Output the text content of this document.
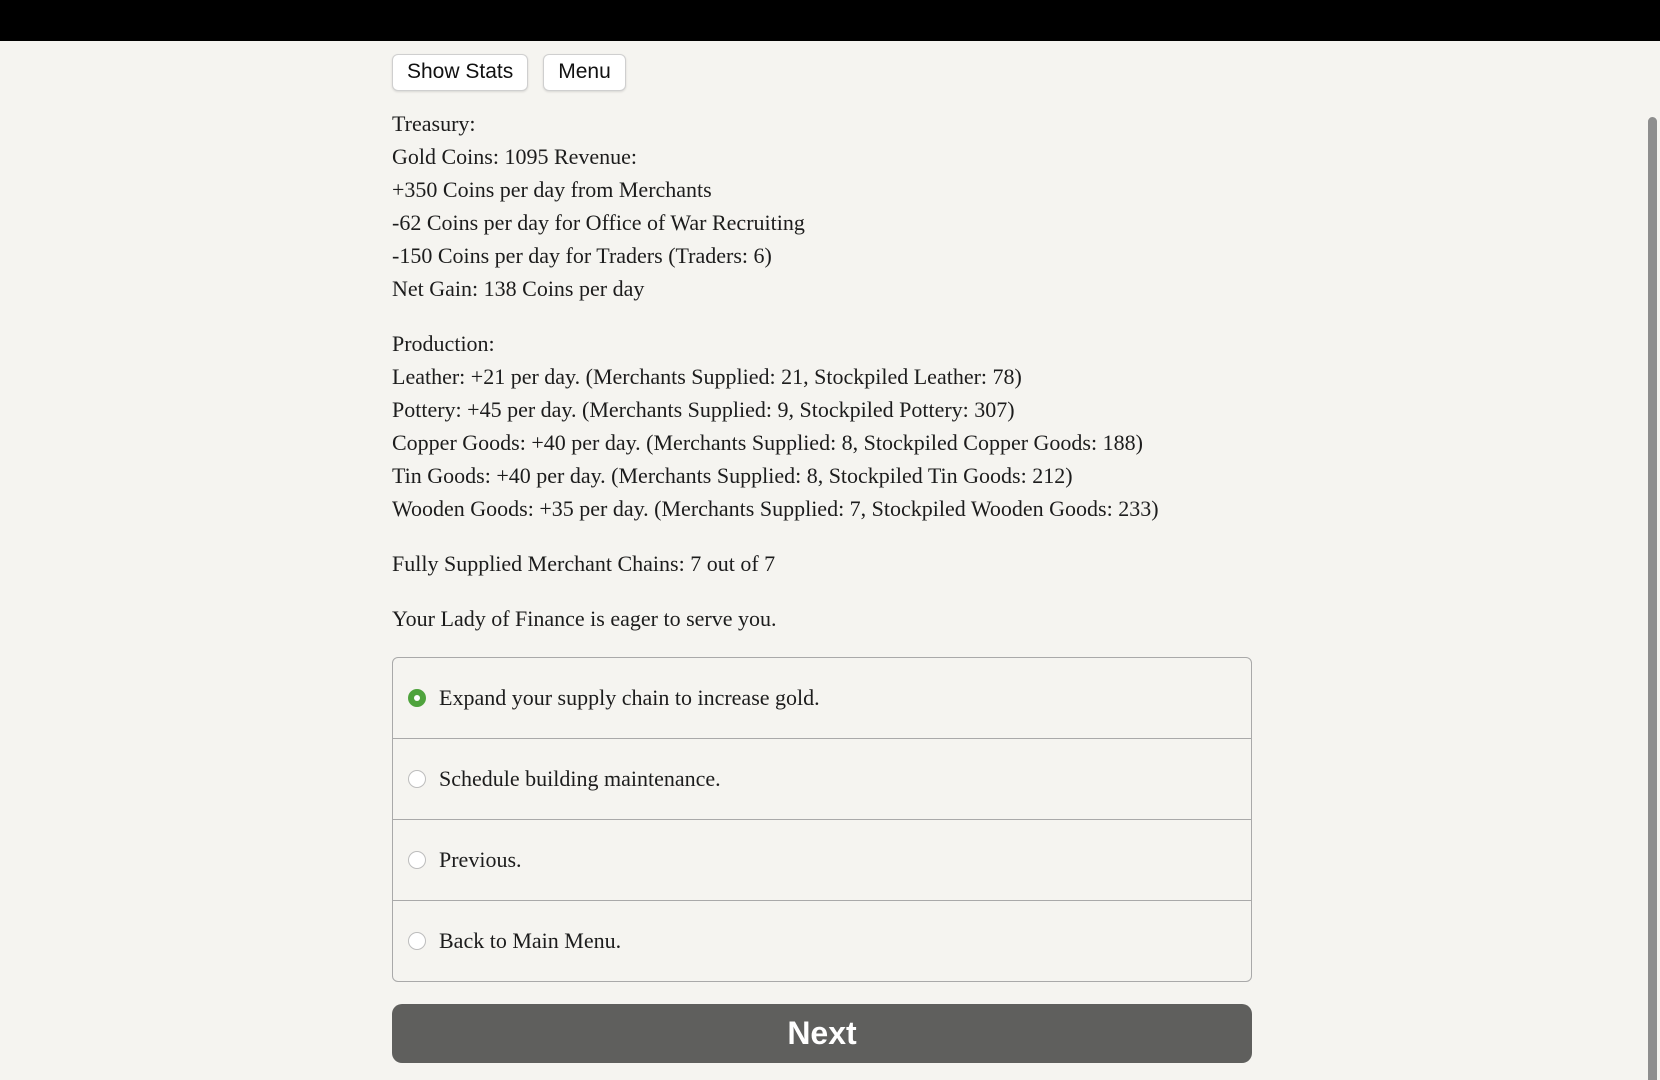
Show Stats	Menu
Treasury:
Gold Coins: 1095 Revenue:
+350 Coins per day from Merchants
-62 Coins per day for Office of War Recruiting
-150 Coins per day for Traders (Traders: 6)
Net Gain: 138 Coins per day
Production:
Leather: +21 per day. (Merchants Supplied: 21, Stockpiled Leather: 78)
Pottery: +45 per day. (Merchants Supplied: 9, Stockpiled Pottery: 307)
Copper Goods: +40 per day. (Merchants Supplied: 8, Stockpiled Copper Goods: 188)
Tin Goods: +40 per day. (Merchants Supplied: 8, Stockpiled Tin Goods: 212)
Wooden Goods: +35 per day. (Merchants Supplied: 7, Stockpiled Wooden Goods: 233)
Fully Supplied Merchant Chains: 7 out of 7
Your Lady of Finance is eager to serve you.
Expand your supply chain to increase gold.
Schedule building maintenance.
Previous.
Back to Main Menu.
Next
